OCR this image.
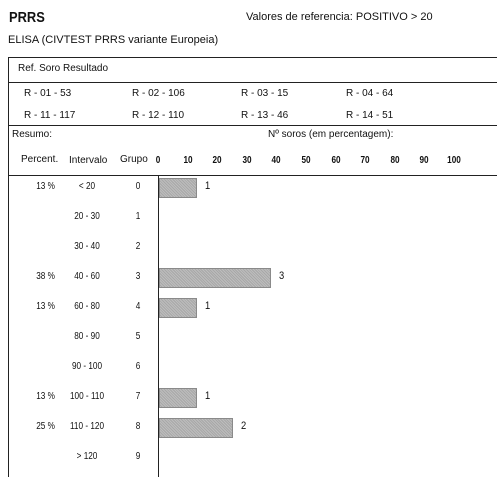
PRRS	Valores de referencia: POSITIVO > 20
ELISA (CIVTEST PRRS variante Europeia)
Ref. Soro Resultado
R - 01 - 53	R - 02 - 106	R - 03 - 15	R - 04 - 64
R - 11 - 117	R - 12 - 110	R - 13 - 46	R - 14 - 51
Resumo:	Nº soros (em percentagem):
Percent. Intervalo Grupo 0	10	20	30	40	50	60	70	80	90	100
13 %	< 20	0	1
20 - 30	1
30 - 40	2
38 %	40 - 60	3	3
13 %	60 - 80	4	1
80 - 90	5
90 - 100	6
13 % 100 - 110	7	1
25 % 110 - 120	8	2
> 120	9
